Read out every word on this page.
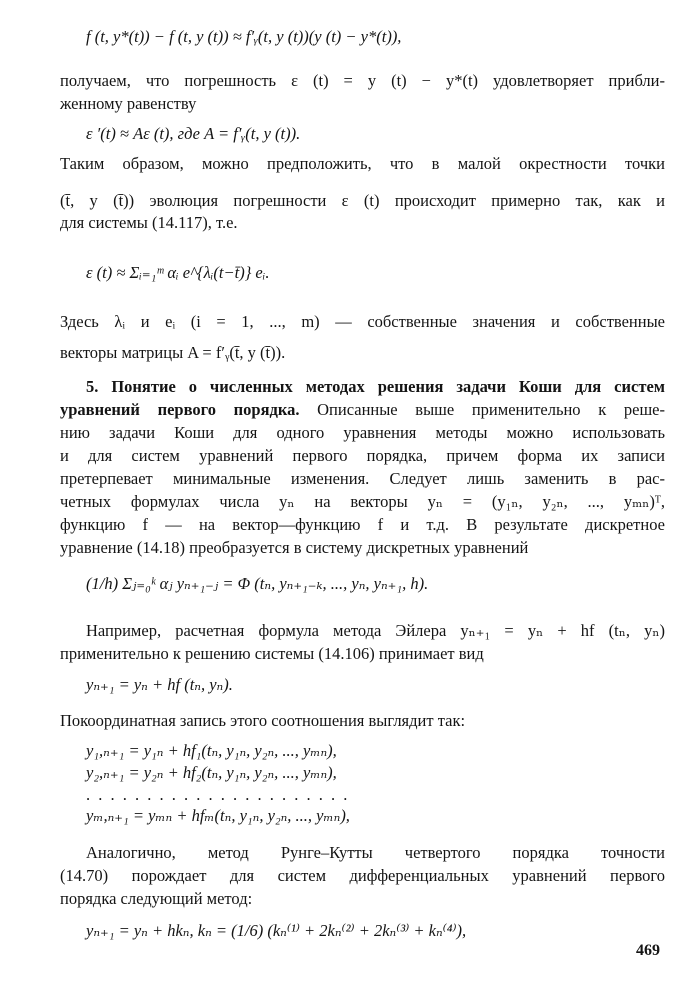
f (t, y*(t)) − f (t, y (t)) ≈ f′ᵧ(t, y (t))(y (t) − y*(t)),
получаем, что погрешность ε (t) = y (t) − y*(t) удовлетворяет прибли-
женному равенству
ε ′(t) ≈ Aε (t), где A = f′ᵧ(t, y (t)).
Таким образом, можно предположить, что в малой окрестности точки
(t̄, y (t̄)) эволюция погрешности ε (t) происходит примерно так, как и
для системы (14.117), т.е.
ε (t) ≈ Σᵢ₌₁ᵐ αᵢ e^{λᵢ(t−t̄)} eᵢ.
Здесь λᵢ и eᵢ (i = 1, ..., m) — собственные значения и собственные
векторы матрицы A = f′ᵧ(t̄, y (t̄)).
5. Понятие о численных методах решения задачи Коши для систем
уравнений первого порядка. Описанные выше применительно к реше-
нию задачи Коши для одного уравнения методы можно использовать
и для систем уравнений первого порядка, причем форма их записи
претерпевает минимальные изменения. Следует лишь заменить в рас-
четных формулах числа yₙ на векторы yₙ = (y₁ₙ, y₂ₙ, ..., yₘₙ)ᵀ,
функцию f — на вектор—функцию f и т.д. В результате дискретное
уравнение (14.18) преобразуется в систему дискретных уравнений
(1/h) Σⱼ₌₀ᵏ αⱼ yₙ₊₁₋ⱼ = Φ (tₙ, yₙ₊₁₋ₖ, ..., yₙ, yₙ₊₁, h).
Например, расчетная формула метода Эйлера yₙ₊₁ = yₙ + hf (tₙ, yₙ)
применительно к решению системы (14.106) принимает вид
yₙ₊₁ = yₙ + hf (tₙ, yₙ).
Покоординатная запись этого соотношения выглядит так:
y₁,ₙ₊₁ = y₁ₙ + hf₁(tₙ, y₁ₙ, y₂ₙ, ..., yₘₙ),
y₂,ₙ₊₁ = y₂ₙ + hf₂(tₙ, y₁ₙ, y₂ₙ, ..., yₘₙ),
. . . . . . . . . . . . . . . . . . . . . .
yₘ,ₙ₊₁ = yₘₙ + hfₘ(tₙ, y₁ₙ, y₂ₙ, ..., yₘₙ),
Аналогично, метод Рунге–Кутты четвертого порядка точности
(14.70) порождает для систем дифференциальных уравнений первого
порядка следующий метод:
yₙ₊₁ = yₙ + hkₙ, kₙ = (1/6) (kₙ⁽¹⁾ + 2kₙ⁽²⁾ + 2kₙ⁽³⁾ + kₙ⁽⁴⁾),
469
